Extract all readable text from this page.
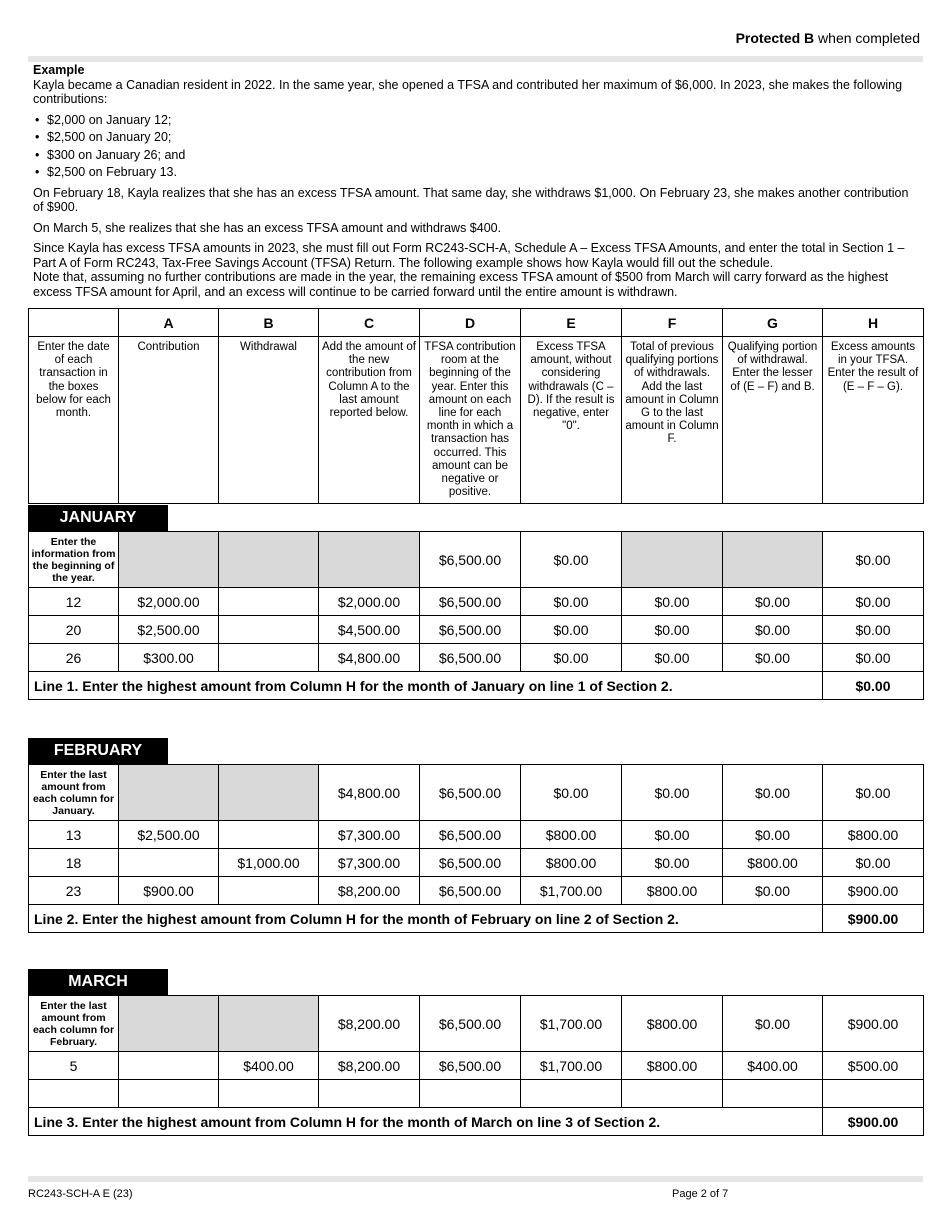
Protected B when completed
Example

Kayla became a Canadian resident in 2022. In the same year, she opened a TFSA and contributed her maximum of $6,000. In 2023, she makes the following contributions:

• $2,000 on January 12;
• $2,500 on January 20;
• $300 on January 26; and
• $2,500 on February 13.

On February 18, Kayla realizes that she has an excess TFSA amount. That same day, she withdraws $1,000. On February 23, she makes another contribution of $900.

On March 5, she realizes that she has an excess TFSA amount and withdraws $400.

Since Kayla has excess TFSA amounts in 2023, she must fill out Form RC243-SCH-A, Schedule A – Excess TFSA Amounts, and enter the total in Section 1 – Part A of Form RC243, Tax-Free Savings Account (TFSA) Return. The following example shows how Kayla would fill out the schedule.
Note that, assuming no further contributions are made in the year, the remaining excess TFSA amount of $500 from March will carry forward as the highest excess TFSA amount for April, and an excess will continue to be carried forward until the entire amount is withdrawn.

	A	B	C	D	E	F	G	H
Enter the date of each transaction in the boxes below for each month.	Contribution	Withdrawal	Add the amount of the new contribution from Column A to the last amount reported below.	TFSA contribution room at the beginning of the year. Enter this amount on each line for each month in which a transaction has occurred. This amount can be negative or positive.	Excess TFSA amount, without considering withdrawals (C – D). If the result is negative, enter "0".	Total of previous qualifying portions of withdrawals. Add the last amount in Column G to the last amount in Column F.	Qualifying portion of withdrawal. Enter the lesser of (E – F) and B.	Excess amounts in your TFSA. Enter the result of (E – F – G).
JANUARY
Enter the information from the beginning of the year.				$6,500.00	$0.00			$0.00
12	$2,000.00		$2,000.00	$6,500.00	$0.00	$0.00	$0.00	$0.00
20	$2,500.00		$4,500.00	$6,500.00	$0.00	$0.00	$0.00	$0.00
26	$300.00		$4,800.00	$6,500.00	$0.00	$0.00	$0.00	$0.00
Line 1. Enter the highest amount from Column H for the month of January on line 1 of Section 2.								$0.00
FEBRUARY
Enter the last amount from each column for January.			$4,800.00	$6,500.00	$0.00	$0.00	$0.00	$0.00
13	$2,500.00		$7,300.00	$6,500.00	$800.00	$0.00	$0.00	$800.00
18		$1,000.00	$7,300.00	$6,500.00	$800.00	$0.00	$800.00	$0.00
23	$900.00		$8,200.00	$6,500.00	$1,700.00	$800.00	$0.00	$900.00
Line 2. Enter the highest amount from Column H for the month of February on line 2 of Section 2.								$900.00
MARCH
Enter the last amount from each column for February.			$8,200.00	$6,500.00	$1,700.00	$800.00	$0.00	$900.00
5		$400.00	$8,200.00	$6,500.00	$1,700.00	$800.00	$400.00	$500.00

Line 3. Enter the highest amount from Column H for the month of March on line 3 of Section 2.								$900.00
RC243-SCH-A E (23)	Page 2 of 7
